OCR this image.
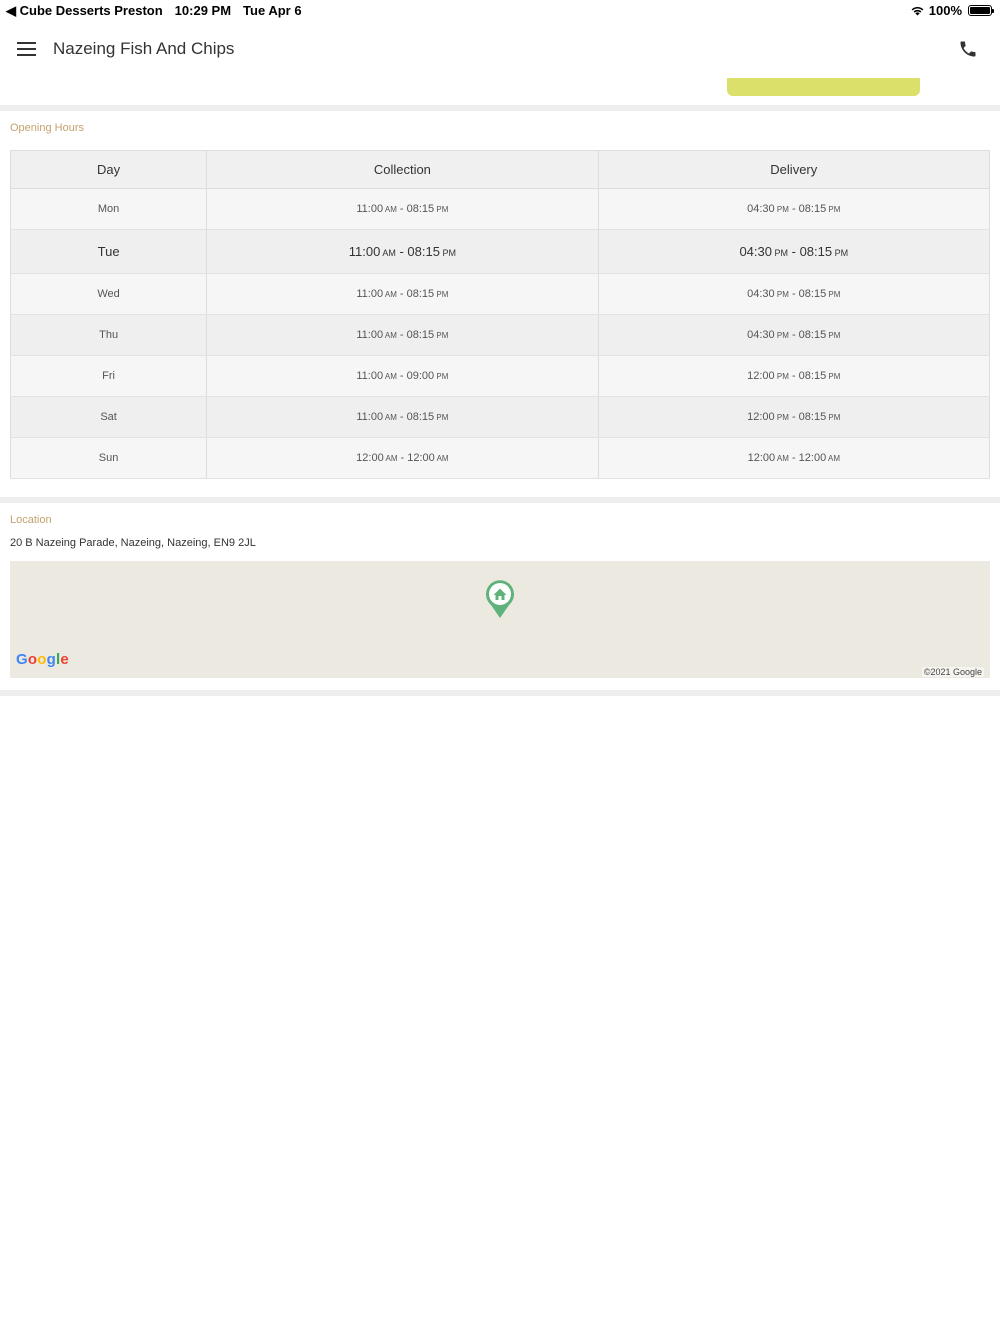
◀ Cube Desserts Preston 10:29 PM Tue Apr 6	100%
Nazeing Fish And Chips
Opening Hours
Day	Collection	Delivery
Mon	11:00 AM - 08:15 PM	04:30 PM - 08:15 PM
Tue	11:00 AM - 08:15 PM	04:30 PM - 08:15 PM
Wed	11:00 AM - 08:15 PM	04:30 PM - 08:15 PM
Thu	11:00 AM - 08:15 PM	04:30 PM - 08:15 PM
Fri	11:00 AM - 09:00 PM	12:00 PM - 08:15 PM
Sat	11:00 AM - 08:15 PM	12:00 PM - 08:15 PM
Sun	12:00 AM - 12:00 AM	12:00 AM - 12:00 AM
Location
20 B Nazeing Parade, Nazeing, Nazeing, EN9 2JL
Google
©2021 Google
